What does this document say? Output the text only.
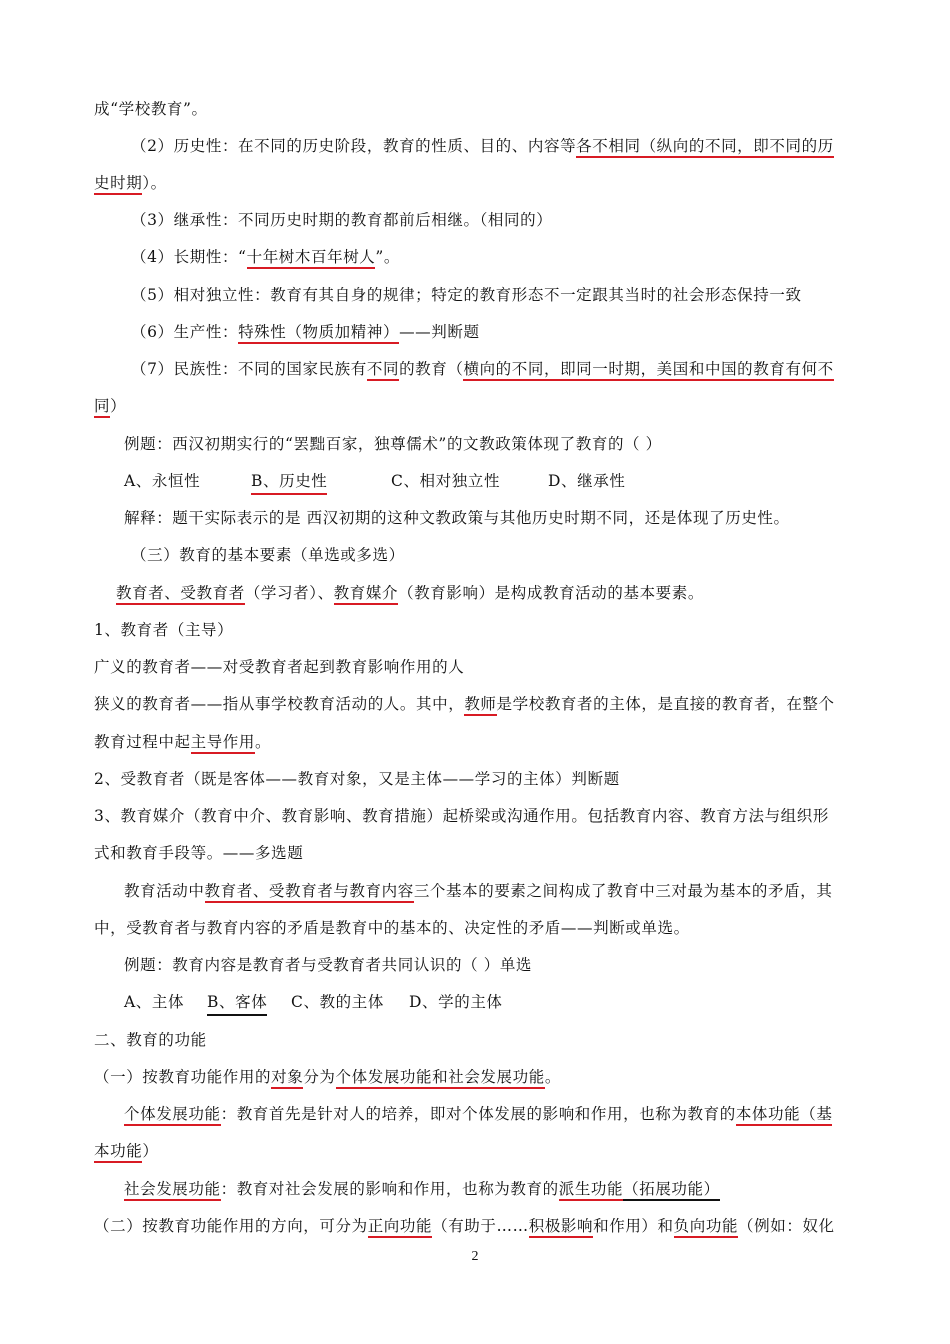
成“学校教育”。
（2）历史性：在不同的历史阶段，教育的性质、目的、内容等各不相同（纵向的不同，即不同的历
史时期）。
（3）继承性：不同历史时期的教育都前后相继。（相同的）
（4）长期性：“十年树木百年树人”。
（5）相对独立性：教育有其自身的规律；特定的教育形态不一定跟其当时的社会形态保持一致
（6）生产性：特殊性（物质加精神）——判断题
（7）民族性：不同的国家民族有不同的教育（横向的不同，即同一时期，美国和中国的教育有何不
同）
例题：西汉初期实行的“罢黜百家，独尊儒术”的文教政策体现了教育的（ ）
A、永恒性	B、历史性	C、相对独立性	D、继承性
解释：题干实际表示的是 西汉初期的这种文教政策与其他历史时期不同，还是体现了历史性。
（三）教育的基本要素（单选或多选）
教育者、受教育者（学习者）、教育媒介（教育影响）是构成教育活动的基本要素。
1、教育者（主导）
广义的教育者——对受教育者起到教育影响作用的人
狭义的教育者——指从事学校教育活动的人。其中，教师是学校教育者的主体，是直接的教育者，在整个
教育过程中起主导作用。
2、受教育者（既是客体——教育对象，又是主体——学习的主体）判断题
3、教育媒介（教育中介、教育影响、教育措施）起桥梁或沟通作用。包括教育内容、教育方法与组织形
式和教育手段等。——多选题
教育活动中教育者、受教育者与教育内容三个基本的要素之间构成了教育中三对最为基本的矛盾，其
中，受教育者与教育内容的矛盾是教育中的基本的、决定性的矛盾——判断或单选。
例题：教育内容是教育者与受教育者共同认识的（ ）单选
A、主体 B、客体 C、教的主体 D、学的主体
二、教育的功能
（一）按教育功能作用的对象分为个体发展功能和社会发展功能。
个体发展功能：教育首先是针对人的培养，即对个体发展的影响和作用，也称为教育的本体功能（基
本功能）
社会发展功能：教育对社会发展的影响和作用，也称为教育的派生功能（拓展功能）
（二）按教育功能作用的方向，可分为正向功能（有助于……积极影响和作用）和负向功能（例如：奴化
2
